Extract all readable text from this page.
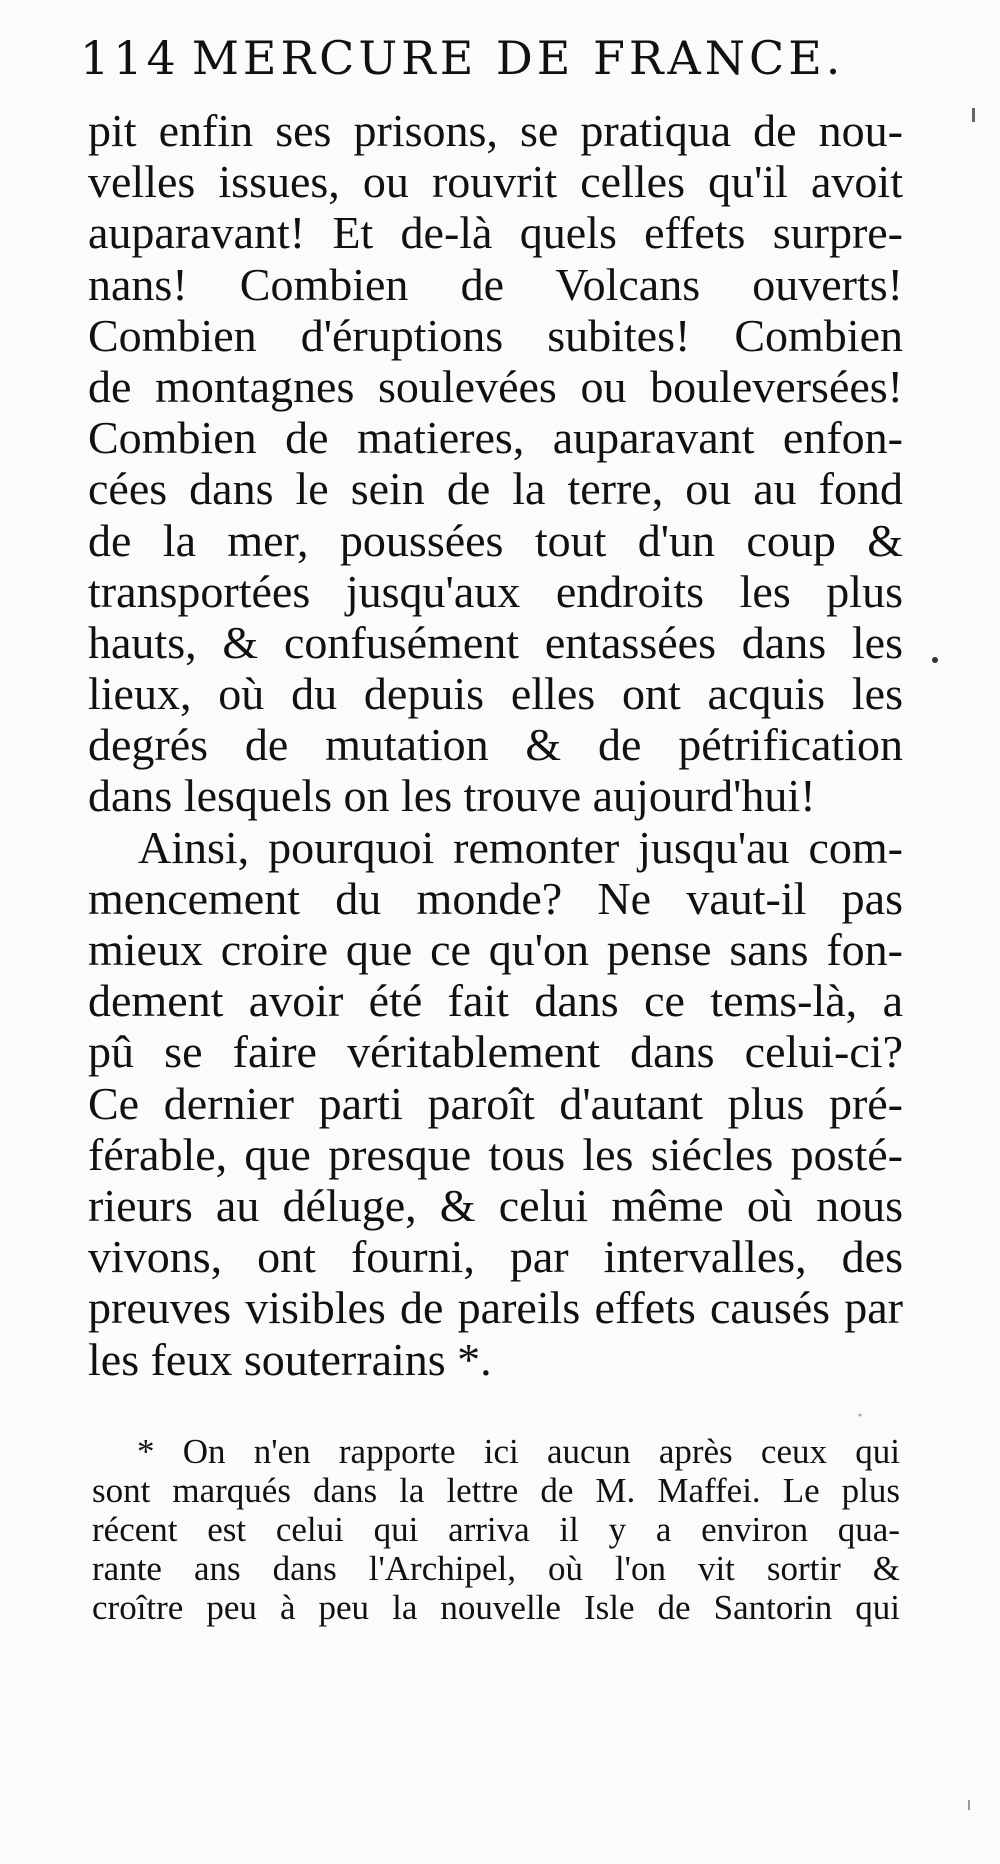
114 MERCURE DE FRANCE.
pit enfin ses prisons, se pratiqua de nou-
velles issues, ou rouvrit celles qu'il avoit
auparavant! Et de-là quels effets surpre-
nans! Combien de Volcans ouverts!
Combien d'éruptions subites! Combien
de montagnes soulevées ou bouleversées!
Combien de matieres, auparavant enfon-
cées dans le sein de la terre, ou au fond
de la mer, poussées tout d'un coup &
transportées jusqu'aux endroits les plus
hauts, & confusément entassées dans les
lieux, où du depuis elles ont acquis les
degrés de mutation & de pétrification
dans lesquels on les trouve aujourd'hui!
Ainsi, pourquoi remonter jusqu'au com-
mencement du monde? Ne vaut-il pas
mieux croire que ce qu'on pense sans fon-
dement avoir été fait dans ce tems-là, a
pû se faire véritablement dans celui-ci?
Ce dernier parti paroît d'autant plus pré-
férable, que presque tous les siécles posté-
rieurs au déluge, & celui même où nous
vivons, ont fourni, par intervalles, des
preuves visibles de pareils effets causés par
les feux souterrains *.
* On n'en rapporte ici aucun après ceux qui
sont marqués dans la lettre de M. Maffei. Le plus
récent est celui qui arriva il y a environ qua-
rante ans dans l'Archipel, où l'on vit sortir &
croître peu à peu la nouvelle Isle de Santorin qui
